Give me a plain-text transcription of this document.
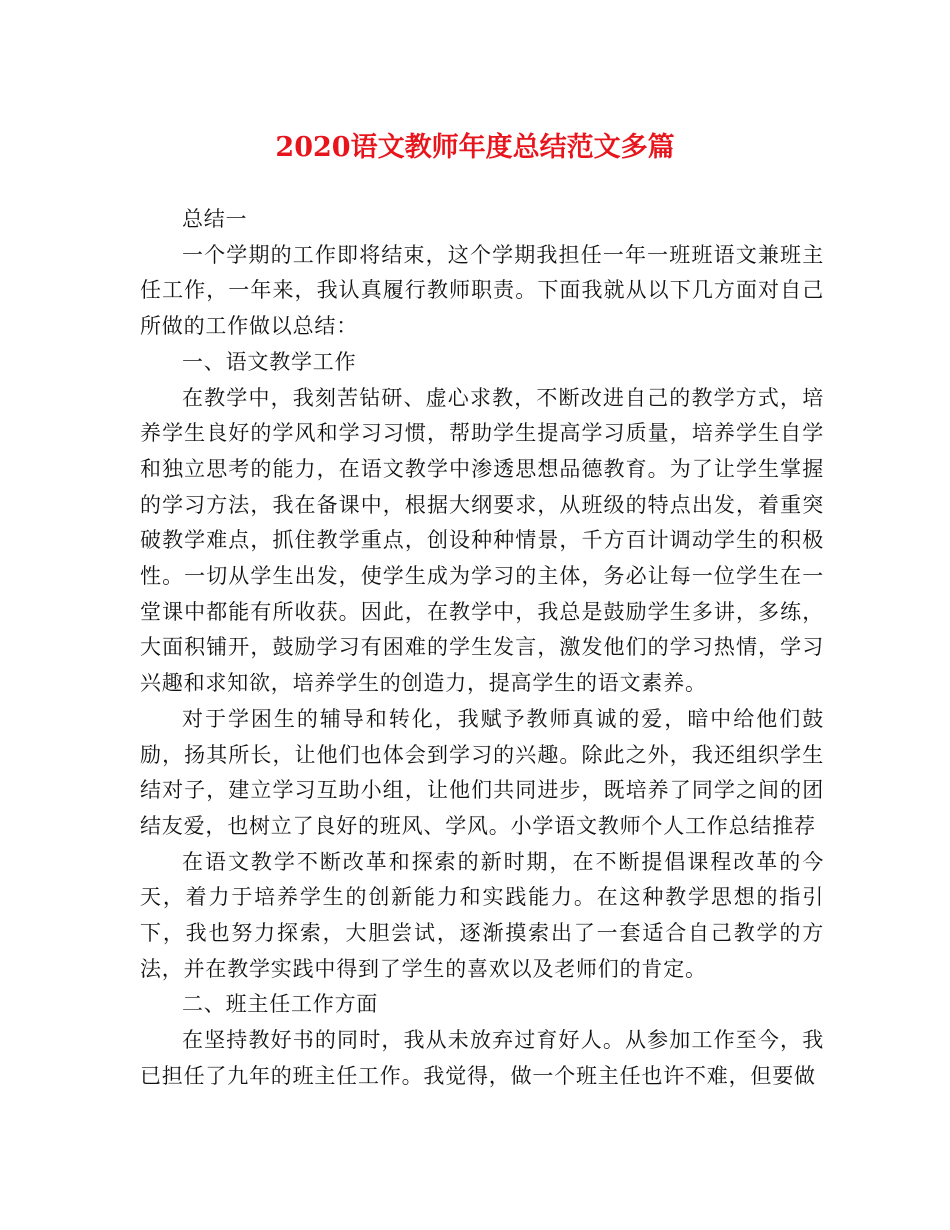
2020语文教师年度总结范文多篇

总结一

一个学期的工作即将结束，这个学期我担任一年一班班语文兼班主任工作，一年来，我认真履行教师职责。下面我就从以下几方面对自己所做的工作做以总结：

一、语文教学工作

在教学中，我刻苦钻研、虚心求教，不断改进自己的教学方式，培养学生良好的学风和学习习惯，帮助学生提高学习质量，培养学生自学和独立思考的能力，在语文教学中渗透思想品德教育。为了让学生掌握的学习方法，我在备课中，根据大纲要求，从班级的特点出发，着重突破教学难点，抓住教学重点，创设种种情景，千方百计调动学生的积极性。一切从学生出发，使学生成为学习的主体，务必让每一位学生在一堂课中都能有所收获。因此，在教学中，我总是鼓励学生多讲，多练，大面积铺开，鼓励学习有困难的学生发言，激发他们的学习热情，学习兴趣和求知欲，培养学生的创造力，提高学生的语文素养。

对于学困生的辅导和转化，我赋予教师真诚的爱，暗中给他们鼓励，扬其所长，让他们也体会到学习的兴趣。除此之外，我还组织学生结对子，建立学习互助小组，让他们共同进步，既培养了同学之间的团结友爱，也树立了良好的班风、学风。小学语文教师个人工作总结推荐

在语文教学不断改革和探索的新时期，在不断提倡课程改革的今天，着力于培养学生的创新能力和实践能力。在这种教学思想的指引下，我也努力探索，大胆尝试，逐渐摸索出了一套适合自己教学的方法，并在教学实践中得到了学生的喜欢以及老师们的肯定。

二、班主任工作方面

在坚持教好书的同时，我从未放弃过育好人。从参加工作至今，我已担任了九年的班主任工作。我觉得，做一个班主任也许不难，但要做
